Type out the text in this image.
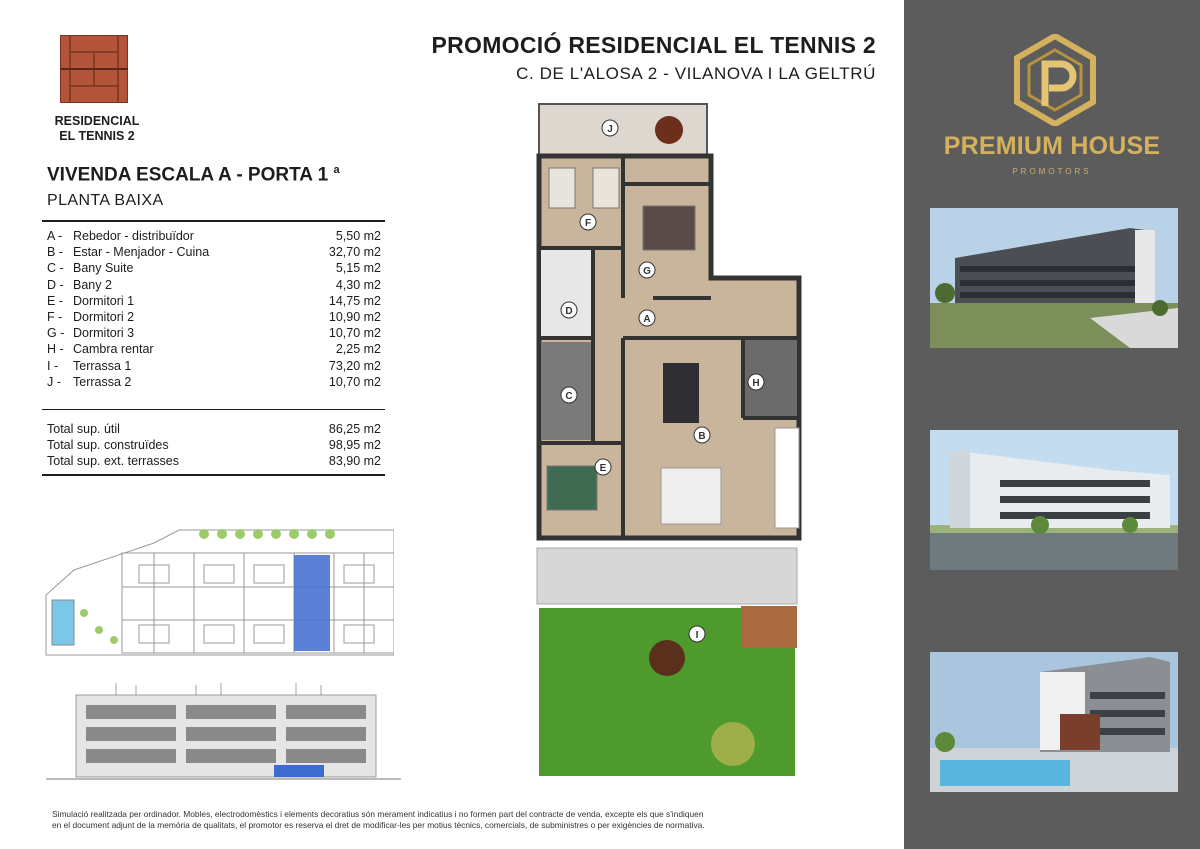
RESIDENCIAL
EL TENNIS 2
PROMOCIÓ RESIDENCIAL EL TENNIS 2
C. DE L'ALOSA 2 - VILANOVA I LA GELTRÚ
VIVENDA ESCALA A - PORTA 1 $^a$
PLANTA BAIXA
A - Rebedor - distribuïdor	5,50 m2
B - Estar - Menjador - Cuina	32,70 m2
C - Bany Suite	5,15 m2
D - Bany 2	4,30 m2
E - Dormitori 1	14,75 m2
F - Dormitori 2	10,90 m2
G - Dormitori 3	10,70 m2
H - Cambra rentar	2,25 m2
I -	Terrassa 1	73,20 m2
J - Terrassa 2	10,70 m2
Total sup. útil	86,25 m2
Total sup. construïdes	98,95 m2
Total sup. ext. terrasses	83,90 m2
J
F
G
D
A
C
H
B
E
I
Simulació realitzada per ordinador. Mobles, electrodomèstics i elements decoratius són merament indicatius i no formen part del contracte de venda, excepte els que s'indiquen
en el document adjunt de la memòria de qualitats, el promotor es reserva el dret de modificar-les per motius tècnics, comercials, de subministres o per exigències de normativa.
PREMIUM HOUSE
PROMOTORS
